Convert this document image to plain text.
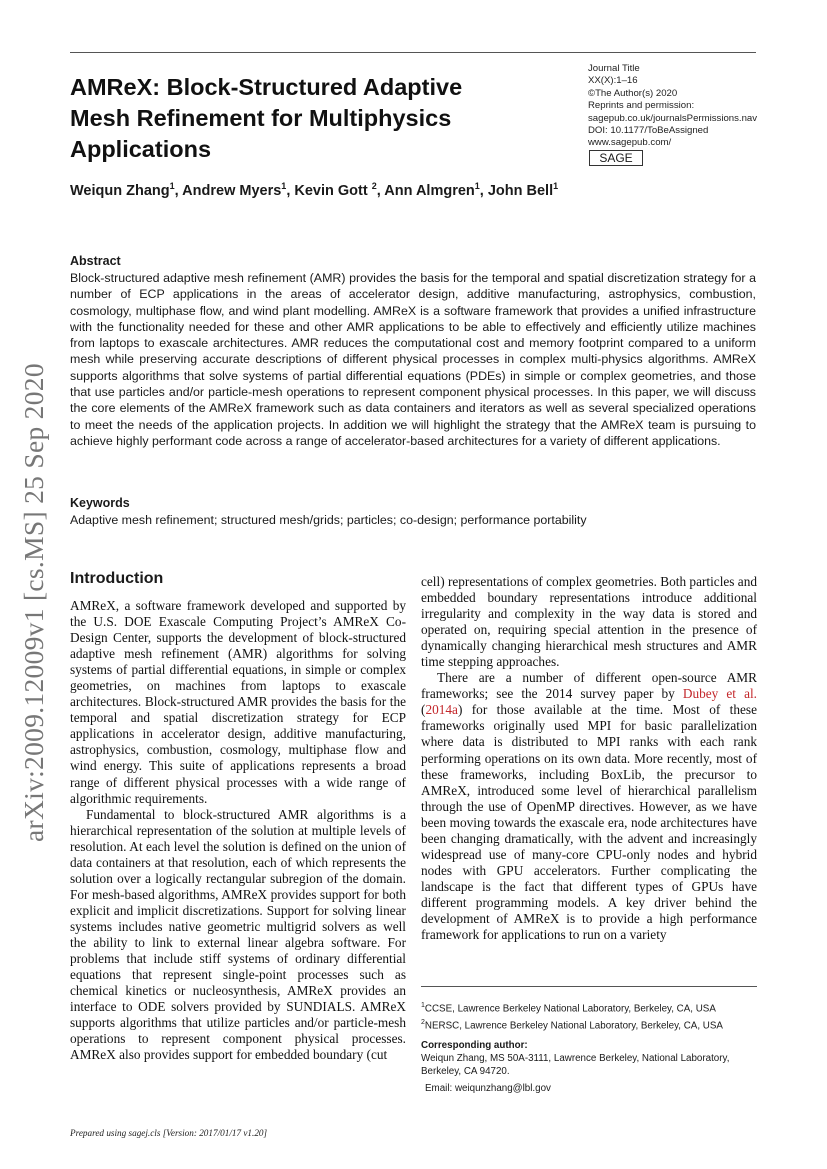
AMReX: Block-Structured Adaptive Mesh Refinement for Multiphysics Applications
Journal Title
XX(X):1–16
©The Author(s) 2020
Reprints and permission:
sagepub.co.uk/journalsPermissions.nav
DOI: 10.1177/ToBeAssigned
www.sagepub.com/
SAGE
Weiqun Zhang$^1$, Andrew Myers$^1$, Kevin Gott $^2$, Ann Almgren$^1$, John Bell$^1$
Abstract
Block-structured adaptive mesh refinement (AMR) provides the basis for the temporal and spatial discretization strategy for a number of ECP applications in the areas of accelerator design, additive manufacturing, astrophysics, combustion, cosmology, multiphase flow, and wind plant modelling. AMReX is a software framework that provides a unified infrastructure with the functionality needed for these and other AMR applications to be able to effectively and efficiently utilize machines from laptops to exascale architectures. AMR reduces the computational cost and memory footprint compared to a uniform mesh while preserving accurate descriptions of different physical processes in complex multi-physics algorithms. AMReX supports algorithms that solve systems of partial differential equations (PDEs) in simple or complex geometries, and those that use particles and/or particle-mesh operations to represent component physical processes. In this paper, we will discuss the core elements of the AMReX framework such as data containers and iterators as well as several specialized operations to meet the needs of the application projects. In addition we will highlight the strategy that the AMReX team is pursuing to achieve highly performant code across a range of accelerator-based architectures for a variety of different applications.
Keywords
Adaptive mesh refinement; structured mesh/grids; particles; co-design; performance portability
arXiv:2009.12009v1 [cs.MS] 25 Sep 2020 Introduction

AMReX, a software framework developed and supported by the U.S. DOE Exascale Computing Project’s AMReX Co-Design Center, supports the development of block-structured adaptive mesh refinement (AMR) algorithms for solving systems of partial differential equations, in simple or complex geometries, on machines from laptops to exascale architectures. Block-structured AMR provides the basis for the temporal and spatial discretization strategy for ECP applications in accelerator design, additive manufacturing, astrophysics, combustion, cosmology, multiphase flow and wind energy. This suite of applications represents a broad range of different physical processes with a wide range of algorithmic requirements.

Fundamental to block-structured AMR algorithms is a hierarchical representation of the solution at multiple levels of resolution. At each level the solution is defined on the union of data containers at that resolution, each of which represents the solution over a logically rectangular subregion of the domain. For mesh-based algorithms, AMReX provides support for both explicit and implicit discretizations. Support for solving linear systems includes native geometric multigrid solvers as well the ability to link to external linear algebra software. For problems that include stiff systems of ordinary differential equations that represent single-point processes such as chemical kinetics or nucleosynthesis, AMReX provides an interface to ODE solvers provided by SUNDIALS. AMReX supports algorithms that utilize particles and/or particle-mesh operations to represent component physical processes. AMReX also provides support for embedded boundary (cut

cell) representations of complex geometries. Both particles and embedded boundary representations introduce additional irregularity and complexity in the way data is stored and operated on, requiring special attention in the presence of dynamically changing hierarchical mesh structures and AMR time stepping approaches.

There are a number of different open-source AMR frameworks; see the 2014 survey paper by Dubey et al. (2014a) for those available at the time. Most of these frameworks originally used MPI for basic parallelization where data is distributed to MPI ranks with each rank performing operations on its own data. More recently, most of these frameworks, including BoxLib, the precursor to AMReX, introduced some level of hierarchical parallelism through the use of OpenMP directives. However, as we have been moving towards the exascale era, node architectures have been changing dramatically, with the advent and increasingly widespread use of many-core CPU-only nodes and hybrid nodes with GPU accelerators. Further complicating the landscape is the fact that different types of GPUs have different programming models. A key driver behind the development of AMReX is to provide a high performance framework for applications to run on a variety

$^1$CCSE, Lawrence Berkeley National Laboratory, Berkeley, CA, USA
$^2$NERSC, Lawrence Berkeley National Laboratory, Berkeley, CA, USA
Corresponding author:
Weiqun Zhang, MS 50A-3111, Lawrence Berkeley, National Laboratory, Berkeley, CA 94720.
Email: weiqunzhang@lbl.gov
Prepared using sagej.cls [Version: 2017/01/17 v1.20]
